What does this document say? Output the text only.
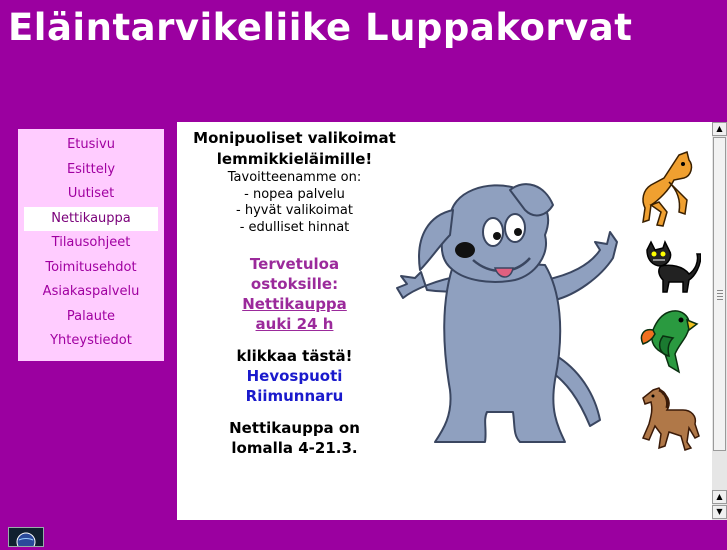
Eläintarvikeliike Luppakorvat
Etusivu
Esittely
Uutiset
Nettikauppa
Tilausohjeet
Toimitusehdot
Asiakaspalvelu
Palaute
Yhteystiedot
Monipuoliset valikoimat
lemmikkieläimille!
Tavoitteenamme on:
- nopea palvelu
- hyvät valikoimat
- edulliset hinnat
Tervetuloa
ostoksille:
Nettikauppa
auki 24 h
klikkaa tästä!
Hevospuoti
Riimunnaru
Nettikauppa on
lomalla 4-21.3.
▲
▲
▼
